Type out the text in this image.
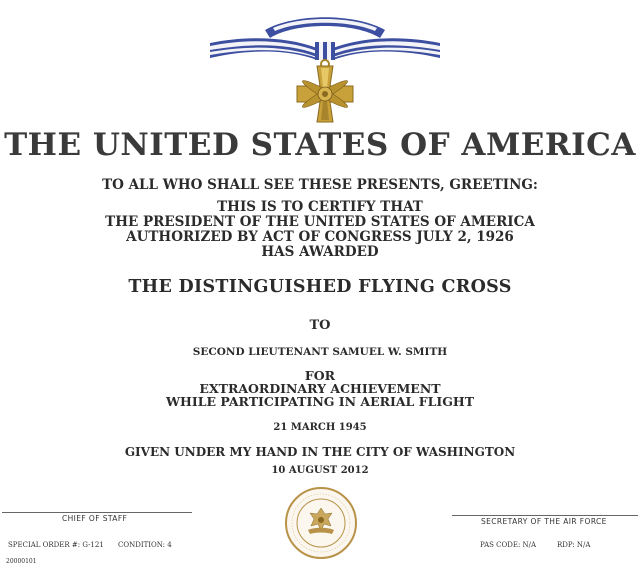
THE UNITED STATES OF AMERICA
TO ALL WHO SHALL SEE THESE PRESENTS, GREETING:
THIS IS TO CERTIFY THAT
THE PRESIDENT OF THE UNITED STATES OF AMERICA
AUTHORIZED BY ACT OF CONGRESS JULY 2, 1926
HAS AWARDED
THE DISTINGUISHED FLYING CROSS
TO
SECOND LIEUTENANT SAMUEL W. SMITH
FOR
EXTRAORDINARY ACHIEVEMENT
WHILE PARTICIPATING IN AERIAL FLIGHT
21 MARCH 1945
GIVEN UNDER MY HAND IN THE CITY OF WASHINGTON
10 AUGUST 2012
CHIEF OF STAFF	SECRETARY OF THE AIR FORCE
SPECIAL ORDER #: G-121 CONDITION: 4	PAS CODE: N/A	RDP: N/A
20000101
